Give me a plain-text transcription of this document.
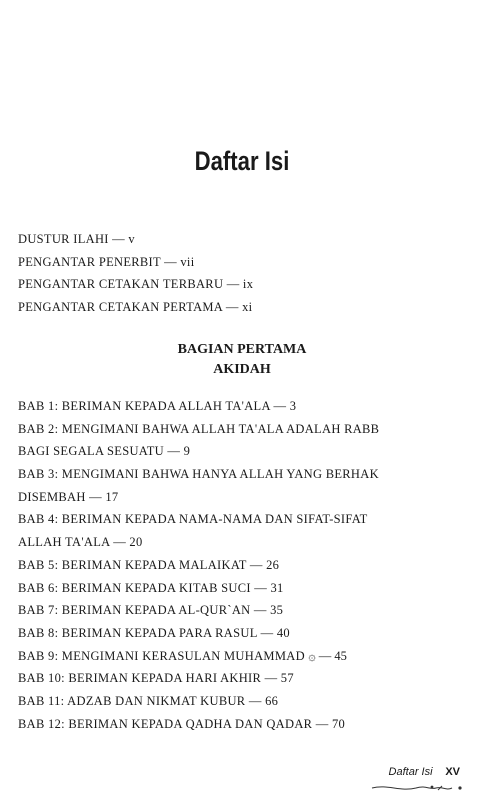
Daftar Isi
DUSTUR ILAHI — v
PENGANTAR PENERBIT — vii
PENGANTAR CETAKAN TERBARU — ix
PENGANTAR CETAKAN PERTAMA — xi
BAGIAN PERTAMA
AKIDAH
BAB 1: BERIMAN KEPADA ALLAH TA'ALA — 3
BAB 2: MENGIMANI BAHWA ALLAH TA'ALA ADALAH RABB
BAGI SEGALA SESUATU — 9
BAB 3: MENGIMANI BAHWA HANYA ALLAH YANG BERHAK
DISEMBAH — 17
BAB 4: BERIMAN KEPADA NAMA-NAMA DAN SIFAT-SIFAT
ALLAH TA'ALA — 20
BAB 5: BERIMAN KEPADA MALAIKAT — 26
BAB 6: BERIMAN KEPADA KITAB SUCI — 31
BAB 7: BERIMAN KEPADA AL-QUR`AN — 35
BAB 8: BERIMAN KEPADA PARA RASUL — 40
BAB 9: MENGIMANI KERASULAN MUHAMMAD ۞ — 45
BAB 10: BERIMAN KEPADA HARI AKHIR — 57
BAB 11: ADZAB DAN NIKMAT KUBUR — 66
BAB 12: BERIMAN KEPADA QADHA DAN QADAR — 70
Daftar Isi XV
